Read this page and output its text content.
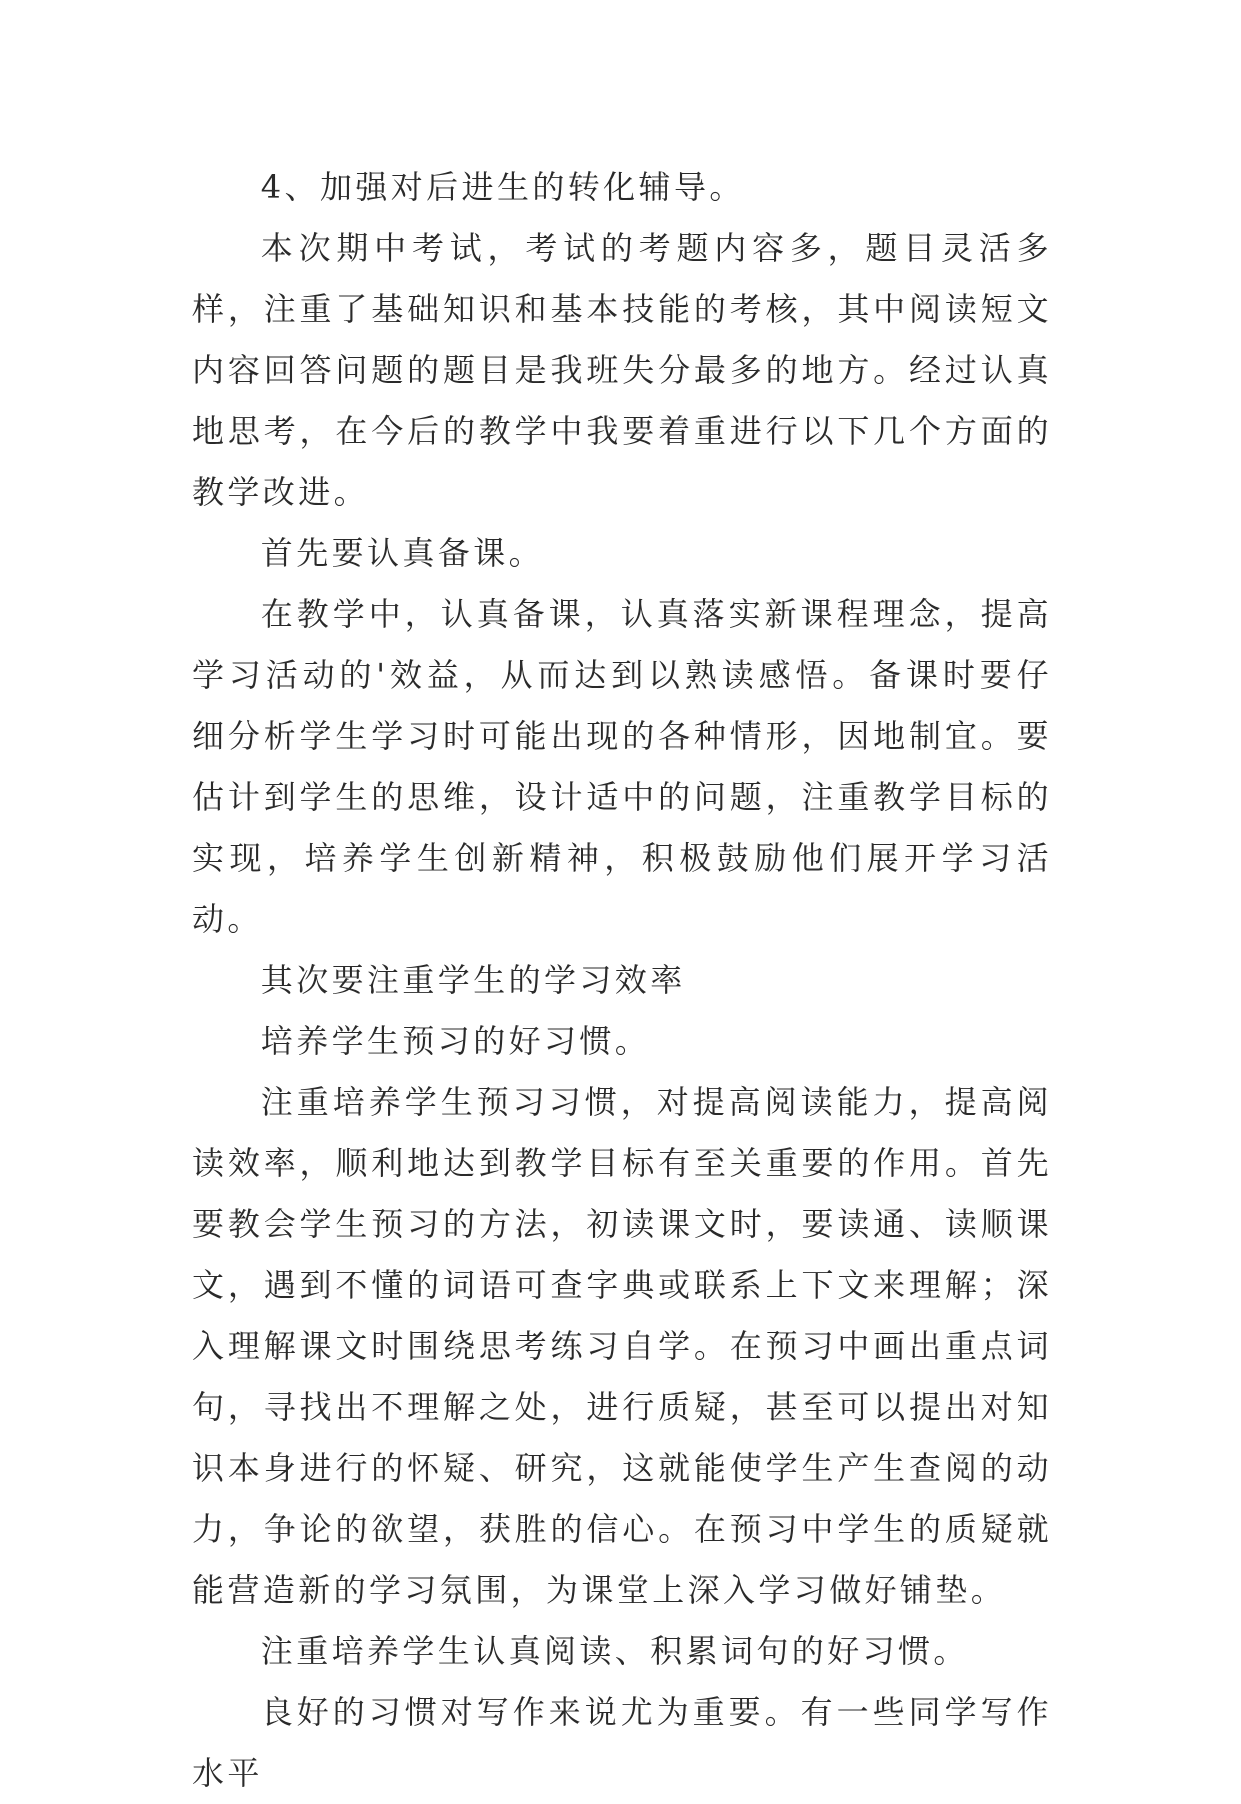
4、加强对后进生的转化辅导。

本次期中考试，考试的考题内容多，题目灵活多样，注重了基础知识和基本技能的考核，其中阅读短文内容回答问题的题目是我班失分最多的地方。经过认真地思考，在今后的教学中我要着重进行以下几个方面的教学改进。

首先要认真备课。

在教学中，认真备课，认真落实新课程理念，提高学习活动的'效益，从而达到以熟读感悟。备课时要仔细分析学生学习时可能出现的各种情形，因地制宜。要估计到学生的思维，设计适中的问题，注重教学目标的实现，培养学生创新精神，积极鼓励他们展开学习活动。

其次要注重学生的学习效率

培养学生预习的好习惯。

注重培养学生预习习惯，对提高阅读能力，提高阅读效率，顺利地达到教学目标有至关重要的作用。首先要教会学生预习的方法，初读课文时，要读通、读顺课文，遇到不懂的词语可查字典或联系上下文来理解；深入理解课文时围绕思考练习自学。在预习中画出重点词句，寻找出不理解之处，进行质疑，甚至可以提出对知识本身进行的怀疑、研究，这就能使学生产生查阅的动力，争论的欲望，获胜的信心。在预习中学生的质疑就能营造新的学习氛围，为课堂上深入学习做好铺垫。

注重培养学生认真阅读、积累词句的好习惯。

良好的习惯对写作来说尤为重要。有一些同学写作水平
